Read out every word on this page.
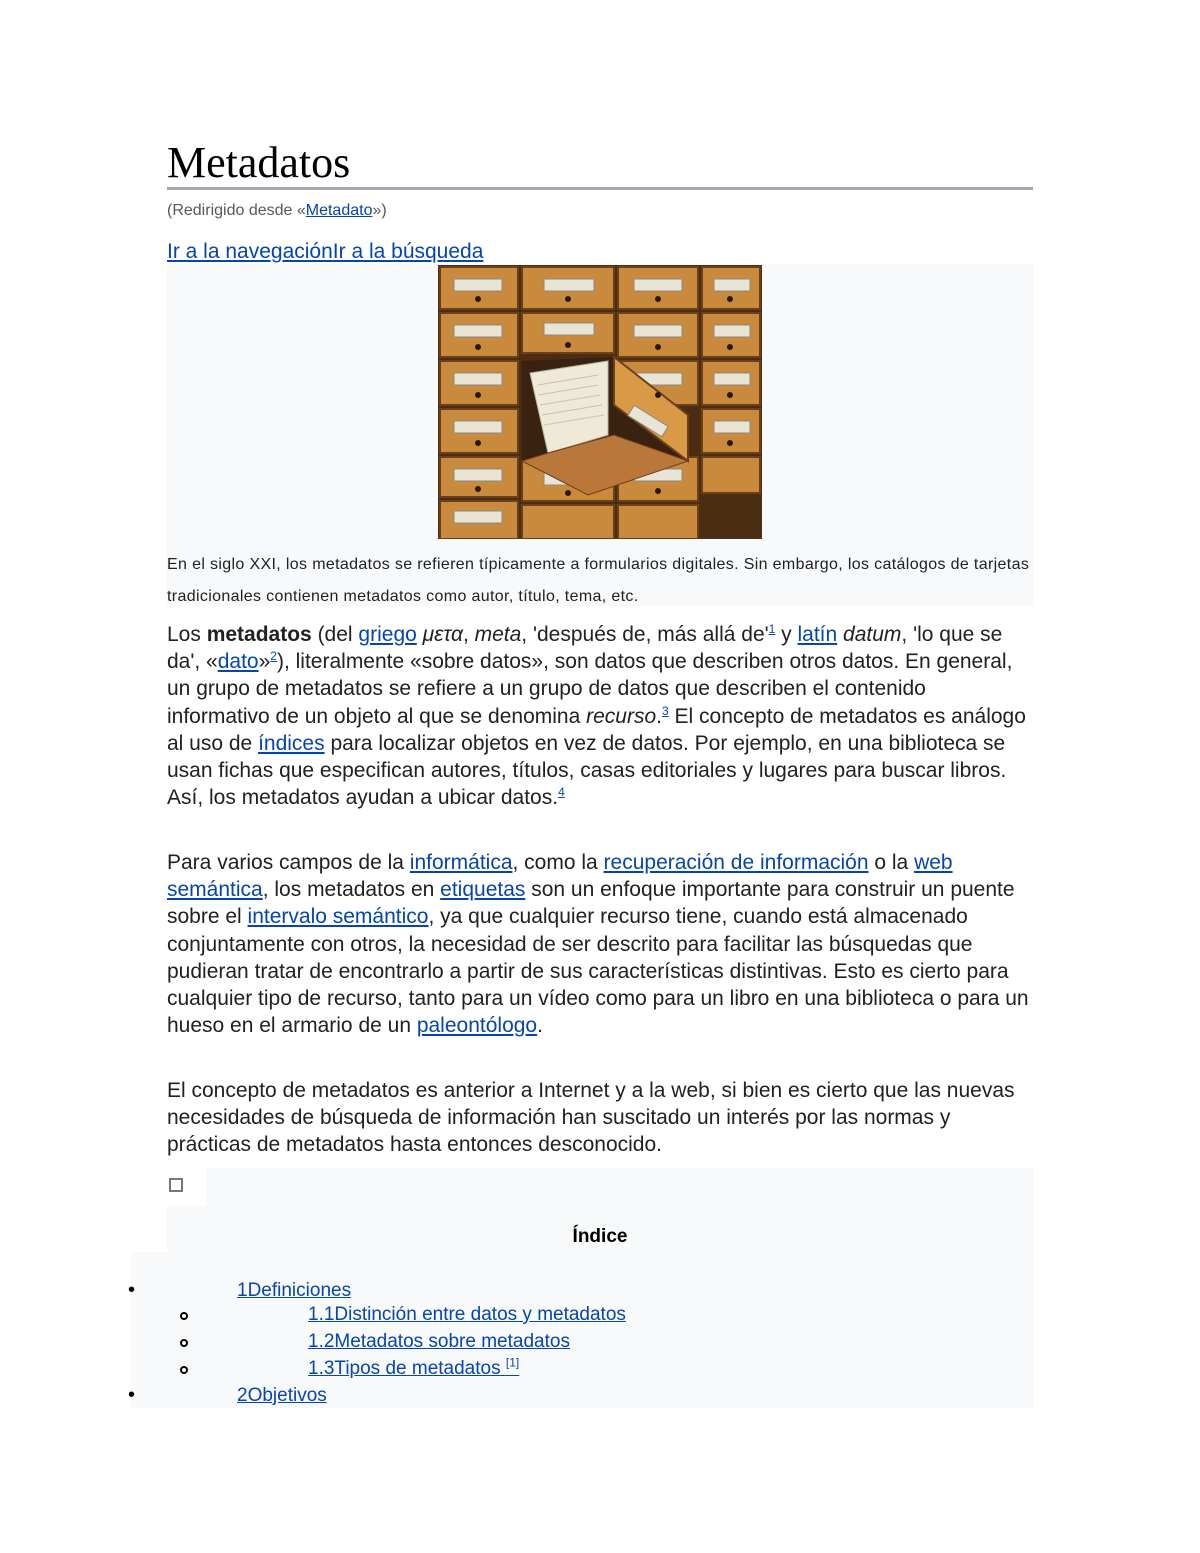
Metadatos
(Redirigido desde «Metadato»)
Ir a la navegaciónIr a la búsqueda
En el siglo XXI, los metadatos se refieren típicamente a formularios digitales. Sin embargo, los catálogos de tarjetas tradicionales contienen metadatos como autor, título, tema, etc.
Los metadatos (del griego μετα, meta, 'después de, más allá de'$^1$ y latín datum, 'lo que se da', «dato»$^2$), literalmente «sobre datos», son datos que describen otros datos. En general, un grupo de metadatos se refiere a un grupo de datos que describen el contenido informativo de un objeto al que se denomina recurso.$^3$ El concepto de metadatos es análogo al uso de índices para localizar objetos en vez de datos. Por ejemplo, en una biblioteca se usan fichas que especifican autores, títulos, casas editoriales y lugares para buscar libros. Así, los metadatos ayudan a ubicar datos.$^4$
Para varios campos de la informática, como la recuperación de información o la web semántica, los metadatos en etiquetas son un enfoque importante para construir un puente sobre el intervalo semántico, ya que cualquier recurso tiene, cuando está almacenado conjuntamente con otros, la necesidad de ser descrito para facilitar las búsquedas que pudieran tratar de encontrarlo a partir de sus características distintivas. Esto es cierto para cualquier tipo de recurso, tanto para un vídeo como para un libro en una biblioteca o para un hueso en el armario de un paleontólogo.
El concepto de metadatos es anterior a Internet y a la web, si bien es cierto que las nuevas necesidades de búsqueda de información han suscitado un interés por las normas y prácticas de metadatos hasta entonces desconocido.
Índice
•	1Definiciones
1.1Distinción entre datos y metadatos
1.2Metadatos sobre metadatos
1.3Tipos de metadatos [1]
•	2Objetivos
